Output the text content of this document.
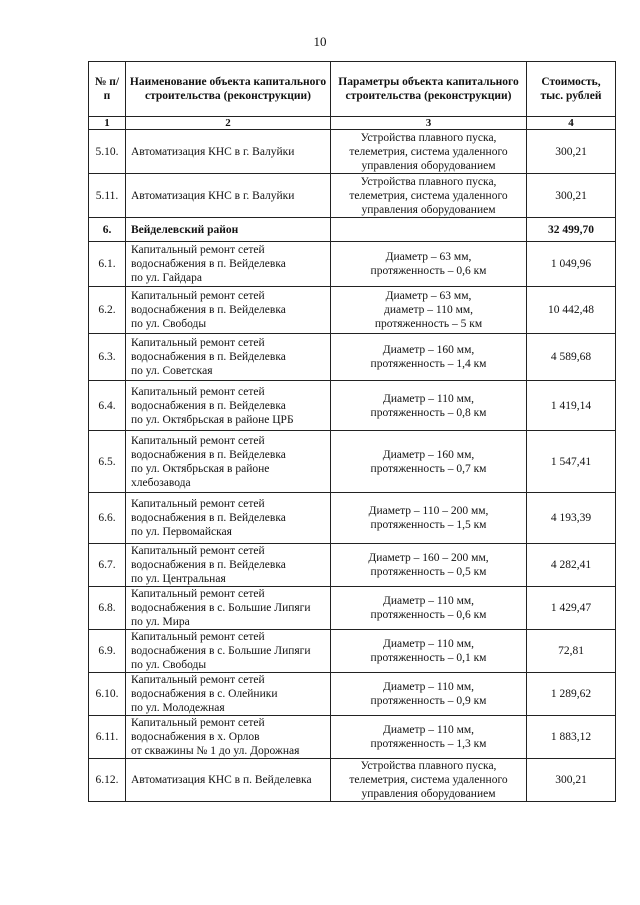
10
№ п/п	Наименование объекта капитального строительства (реконструкции)	Параметры объекта капитального строительства (реконструкции)	Стоимость, тыс. рублей
1	2	3	4
5.10.	Автоматизация КНС в г. Валуйки	Устройства плавного пуска,
телеметрия, система удаленного
управления оборудованием	300,21
5.11.	Автоматизация КНС в г. Валуйки	Устройства плавного пуска,
телеметрия, система удаленного
управления оборудованием	300,21
6.	Вейделевский район		32 499,70
6.1.	Капитальный ремонт сетей
водоснабжения в п. Вейделевка
по ул. Гайдара	Диаметр – 63 мм,
протяженность – 0,6 км	1 049,96
6.2.	Капитальный ремонт сетей
водоснабжения в п. Вейделевка
по ул. Свободы	Диаметр – 63 мм,
диаметр – 110 мм,
протяженность – 5 км	10 442,48
6.3.	Капитальный ремонт сетей
водоснабжения в п. Вейделевка
по ул. Советская	Диаметр – 160 мм,
протяженность – 1,4 км	4 589,68
6.4.	Капитальный ремонт сетей
водоснабжения в п. Вейделевка
по ул. Октябрьская в районе ЦРБ	Диаметр – 110 мм,
протяженность – 0,8 км	1 419,14
6.5.	Капитальный ремонт сетей
водоснабжения в п. Вейделевка
по ул. Октябрьская в районе
хлебозавода	Диаметр – 160 мм,
протяженность – 0,7 км	1 547,41
6.6.	Капитальный ремонт сетей
водоснабжения в п. Вейделевка
по ул. Первомайская	Диаметр – 110 – 200 мм,
протяженность – 1,5 км	4 193,39
6.7.	Капитальный ремонт сетей
водоснабжения в п. Вейделевка
по ул. Центральная	Диаметр – 160 – 200 мм,
протяженность – 0,5 км	4 282,41
6.8.	Капитальный ремонт сетей
водоснабжения в с. Большие Липяги
по ул. Мира	Диаметр – 110 мм,
протяженность – 0,6 км	1 429,47
6.9.	Капитальный ремонт сетей
водоснабжения в с. Большие Липяги
по ул. Свободы	Диаметр – 110 мм,
протяженность – 0,1 км	72,81
6.10.	Капитальный ремонт сетей
водоснабжения в с. Олейники
по ул. Молодежная	Диаметр – 110 мм,
протяженность – 0,9 км	1 289,62
6.11.	Капитальный ремонт сетей
водоснабжения в х. Орлов
от скважины № 1 до ул. Дорожная	Диаметр – 110 мм,
протяженность – 1,3 км	1 883,12
6.12.	Автоматизация КНС в п. Вейделевка	Устройства плавного пуска,
телеметрия, система удаленного
управления оборудованием	300,21
